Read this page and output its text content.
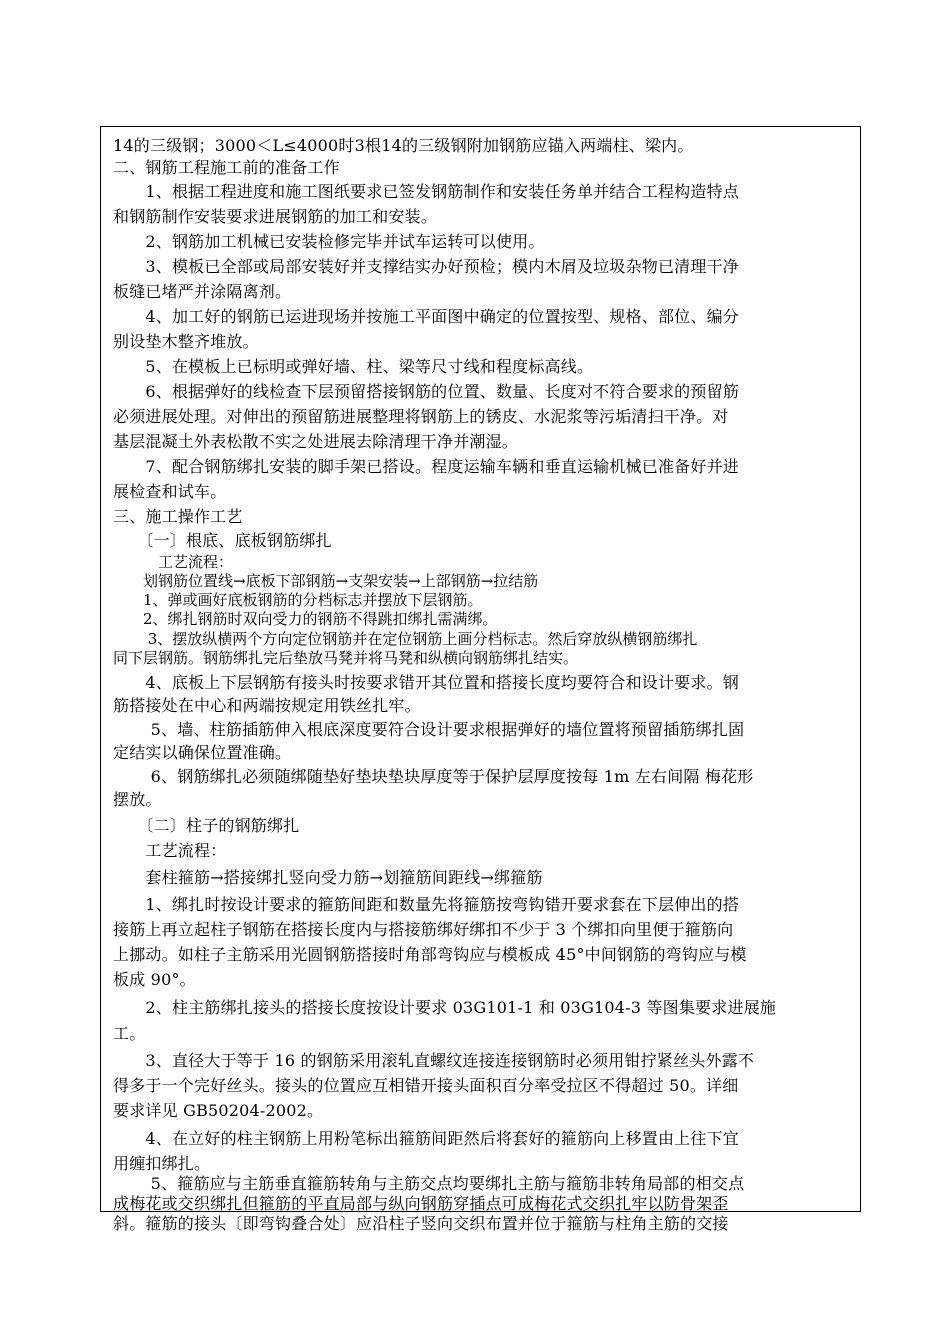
14的三级钢；3000＜L≤4000时3根14的三级钢附加钢筋应锚入两端柱、梁内。
二、钢筋工程施工前的准备工作
　　1、根据工程进度和施工图纸要求已签发钢筋制作和安装任务单并结合工程构造特点
和钢筋制作安装要求进展钢筋的加工和安装。
　　2、钢筋加工机械已安装检修完毕并试车运转可以使用。
　　3、模板已全部或局部安装好并支撑结实办好预检；模内木屑及垃圾杂物已清理干净
板缝已堵严并涂隔离剂。
　　4、加工好的钢筋已运进现场并按施工平面图中确定的位置按型、规格、部位、编分
别设垫木整齐堆放。
　　5、在模板上已标明或弹好墙、柱、梁等尺寸线和程度标高线。
　　6、根据弹好的线检查下层预留搭接钢筋的位置、数量、长度对不符合要求的预留筋
必须进展处理。对伸出的预留筋进展整理将钢筋上的锈皮、水泥浆等污垢清扫干净。对
基层混凝土外表松散不实之处进展去除清理干净并潮湿。
　　7、配合钢筋绑扎安装的脚手架已搭设。程度运输车辆和垂直运输机械已准备好并进
展检查和试车。
三、施工操作工艺
　　〔一〕根底、底板钢筋绑扎
　　　工艺流程：
　　划钢筋位置线→底板下部钢筋→支架安装→上部钢筋→拉结筋
　　1、弹或画好底板钢筋的分档标志并摆放下层钢筋。
　　2、绑扎钢筋时双向受力的钢筋不得跳扣绑扎需满绑。
　　 3、摆放纵横两个方向定位钢筋并在定位钢筋上画分档标志。然后穿放纵横钢筋绑扎
同下层钢筋。钢筋绑扎完后垫放马凳并将马凳和纵横向钢筋绑扎结实。
　　4、底板上下层钢筋有接头时按要求错开其位置和搭接长度均要符合和设计要求。钢
筋搭接处在中心和两端按规定用铁丝扎牢。
　　 5、墙、柱筋插筋伸入根底深度要符合设计要求根据弹好的墙位置将预留插筋绑扎固
定结实以确保位置准确。
　　 6、钢筋绑扎必须随绑随垫好垫块垫块厚度等于保护层厚度按每 1m 左右间隔 梅花形
摆放。
　　〔二〕柱子的钢筋绑扎
　　工艺流程：
　　套柱箍筋→搭接绑扎竖向受力筋→划箍筋间距线→绑箍筋
　　1、绑扎时按设计要求的箍筋间距和数量先将箍筋按弯钩错开要求套在下层伸出的搭
接筋上再立起柱子钢筋在搭接长度内与搭接筋绑好绑扣不少于 3 个绑扣向里便于箍筋向
上挪动。如柱子主筋采用光圆钢筋搭接时角部弯钩应与模板成 45°中间钢筋的弯钩应与模
板成 90°。
　　2、柱主筋绑扎接头的搭接长度按设计要求 03G101-1 和 03G104-3 等图集要求进展施
工。
　　3、直径大于等于 16 的钢筋采用滚轧直螺纹连接连接钢筋时必须用钳拧紧丝头外露不
得多于一个完好丝头。接头的位置应互相错开接头面积百分率受拉区不得超过 50。详细
要求详见 GB50204-2002。
　　4、在立好的柱主钢筋上用粉笔标出箍筋间距然后将套好的箍筋向上移置由上往下宜
用缠扣绑扎。
　　 5、箍筋应与主筋垂直箍筋转角与主筋交点均要绑扎主筋与箍筋非转角局部的相交点
成梅花或交织绑扎但箍筋的平直局部与纵向钢筋穿插点可成梅花式交织扎牢以防骨架歪
斜。箍筋的接头〔即弯钩叠合处〕应沿柱子竖向交织布置并位于箍筋与柱角主筋的交接
